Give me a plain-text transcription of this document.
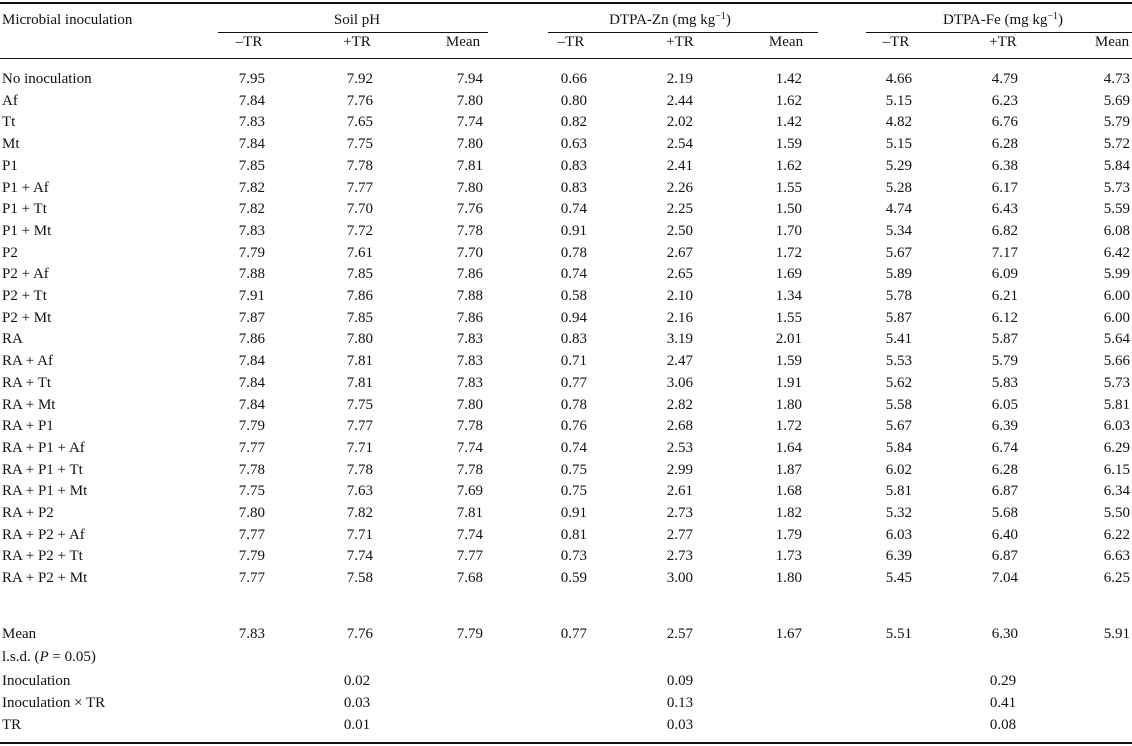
Microbial inoculation	Soil pH	DTPA-Zn (mg $kg^{-1}$)	DTPA-Fe (mg $kg^{-1}$)
–TR	+TR	Mean	–TR	+TR	Mean	–TR	+TR	Mean
No inoculation	7.95	7.92	7.94	0.66	2.19	1.42	4.66	4.79	4.73
Af	7.84	7.76	7.80	0.80	2.44	1.62	5.15	6.23	5.69
Tt	7.83	7.65	7.74	0.82	2.02	1.42	4.82	6.76	5.79
Mt	7.84	7.75	7.80	0.63	2.54	1.59	5.15	6.28	5.72
P1	7.85	7.78	7.81	0.83	2.41	1.62	5.29	6.38	5.84
P1 + Af	7.82	7.77	7.80	0.83	2.26	1.55	5.28	6.17	5.73
P1 + Tt	7.82	7.70	7.76	0.74	2.25	1.50	4.74	6.43	5.59
P1 + Mt	7.83	7.72	7.78	0.91	2.50	1.70	5.34	6.82	6.08
P2	7.79	7.61	7.70	0.78	2.67	1.72	5.67	7.17	6.42
P2 + Af	7.88	7.85	7.86	0.74	2.65	1.69	5.89	6.09	5.99
P2 + Tt	7.91	7.86	7.88	0.58	2.10	1.34	5.78	6.21	6.00
P2 + Mt	7.87	7.85	7.86	0.94	2.16	1.55	5.87	6.12	6.00
RA	7.86	7.80	7.83	0.83	3.19	2.01	5.41	5.87	5.64
RA + Af	7.84	7.81	7.83	0.71	2.47	1.59	5.53	5.79	5.66
RA + Tt	7.84	7.81	7.83	0.77	3.06	1.91	5.62	5.83	5.73
RA + Mt	7.84	7.75	7.80	0.78	2.82	1.80	5.58	6.05	5.81
RA + P1	7.79	7.77	7.78	0.76	2.68	1.72	5.67	6.39	6.03
RA + P1 + Af	7.77	7.71	7.74	0.74	2.53	1.64	5.84	6.74	6.29
RA + P1 + Tt	7.78	7.78	7.78	0.75	2.99	1.87	6.02	6.28	6.15
RA + P1 + Mt	7.75	7.63	7.69	0.75	2.61	1.68	5.81	6.87	6.34
RA + P2	7.80	7.82	7.81	0.91	2.73	1.82	5.32	5.68	5.50
RA + P2 + Af	7.77	7.71	7.74	0.81	2.77	1.79	6.03	6.40	6.22
RA + P2 + Tt	7.79	7.74	7.77	0.73	2.73	1.73	6.39	6.87	6.63
RA + P2 + Mt	7.77	7.58	7.68	0.59	3.00	1.80	5.45	7.04	6.25
Mean	7.83	7.76	7.79	0.77	2.57	1.67	5.51	6.30	5.91
l.s.d. (P = 0.05)
Inoculation	0.02	0.09	0.29
Inoculation × TR	0.03	0.13	0.41
TR	0.01	0.03	0.08
